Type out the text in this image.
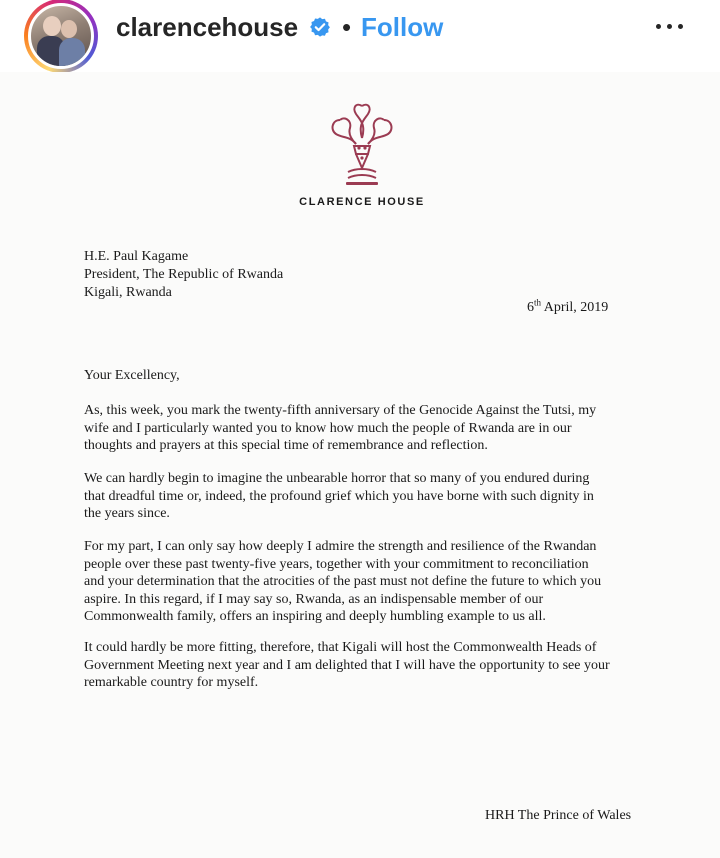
clarencehouse • Follow
CLARENCE HOUSE
H.E. Paul Kagame
President, The Republic of Rwanda
Kigali, Rwanda
6th April, 2019
Your Excellency,
As, this week, you mark the twenty-fifth anniversary of the Genocide Against the Tutsi, my
wife and I particularly wanted you to know how much the people of Rwanda are in our
thoughts and prayers at this special time of remembrance and reflection.
We can hardly begin to imagine the unbearable horror that so many of you endured during
that dreadful time or, indeed, the profound grief which you have borne with such dignity in
the years since.
For my part, I can only say how deeply I admire the strength and resilience of the Rwandan
people over these past twenty-five years, together with your commitment to reconciliation
and your determination that the atrocities of the past must not define the future to which you
aspire. In this regard, if I may say so, Rwanda, as an indispensable member of our
Commonwealth family, offers an inspiring and deeply humbling example to us all.
It could hardly be more fitting, therefore, that Kigali will host the Commonwealth Heads of
Government Meeting next year and I am delighted that I will have the opportunity to see your
remarkable country for myself.
HRH The Prince of Wales
